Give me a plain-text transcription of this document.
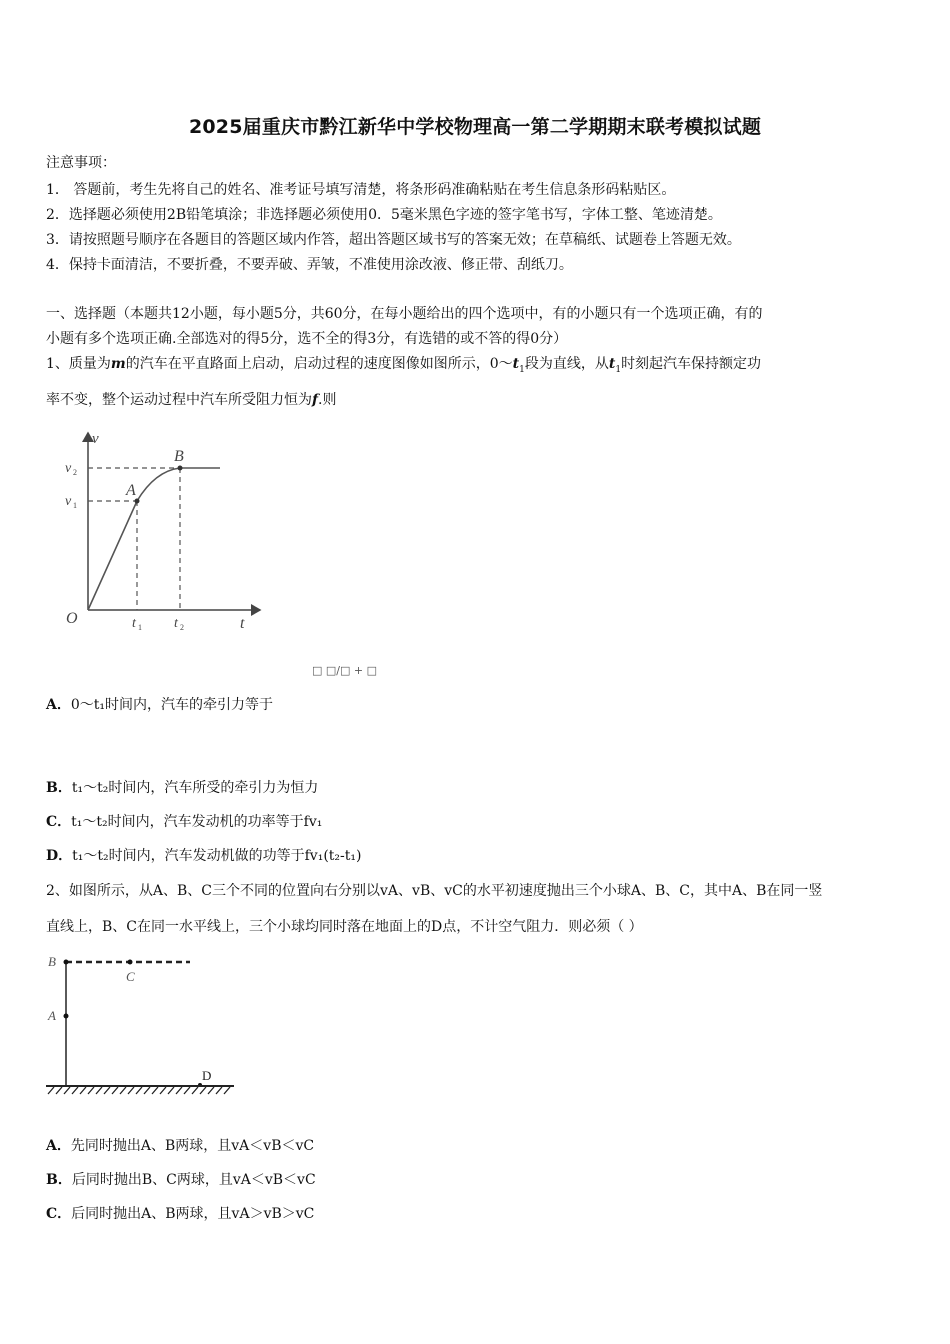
2025届重庆市黔江新华中学校物理高一第二学期期末联考模拟试题
注意事项：
1． 答题前，考生先将自己的姓名、准考证号填写清楚，将条形码准确粘贴在考生信息条形码粘贴区。
2．选择题必须使用2B铅笔填涂；非选择题必须使用0．5毫米黑色字迹的签字笔书写，字体工整、笔迹清楚。
3．请按照题号顺序在各题目的答题区域内作答，超出答题区域书写的答案无效；在草稿纸、试题卷上答题无效。
4．保持卡面清洁，不要折叠，不要弄破、弄皱，不准使用涂改液、修正带、刮纸刀。
一、选择题（本题共12小题，每小题5分，共60分，在每小题给出的四个选项中，有的小题只有一个选项正确，有的
小题有多个选项正确.全部选对的得5分，选不全的得3分，有选错的或不答的得0分）
1、质量为m的汽车在平直路面上启动，启动过程的速度图像如图所示，$0\sim t_1$段为直线，从$t_1$时刻起汽车保持额定功
率不变，整个运动过程中汽车所受阻力恒为f.则
v
t
O
A
B
v 2
v 1
t 1 t 2
□ □/□ + □
A．0～t₁时间内，汽车的牵引力等于
B．t₁～t₂时间内，汽车所受的牵引力为恒力
C．t₁～t₂时间内，汽车发动机的功率等于fv₁
D．t₁～t₂时间内，汽车发动机做的功等于fv₁(t₂-t₁)
2、如图所示，从A、B、C三个不同的位置向右分别以vA、vB、vC的水平初速度抛出三个小球A、B、C，其中A、B在同一竖
直线上，B、C在同一水平线上，三个小球均同时落在地面上的D点，不计空气阻力．则必须（ ）
B
C
A
D
A．先同时抛出A、B两球，且vA＜vB＜vC
B．后同时抛出B、C两球，且vA＜vB＜vC
C．后同时抛出A、B两球，且vA＞vB＞vC
